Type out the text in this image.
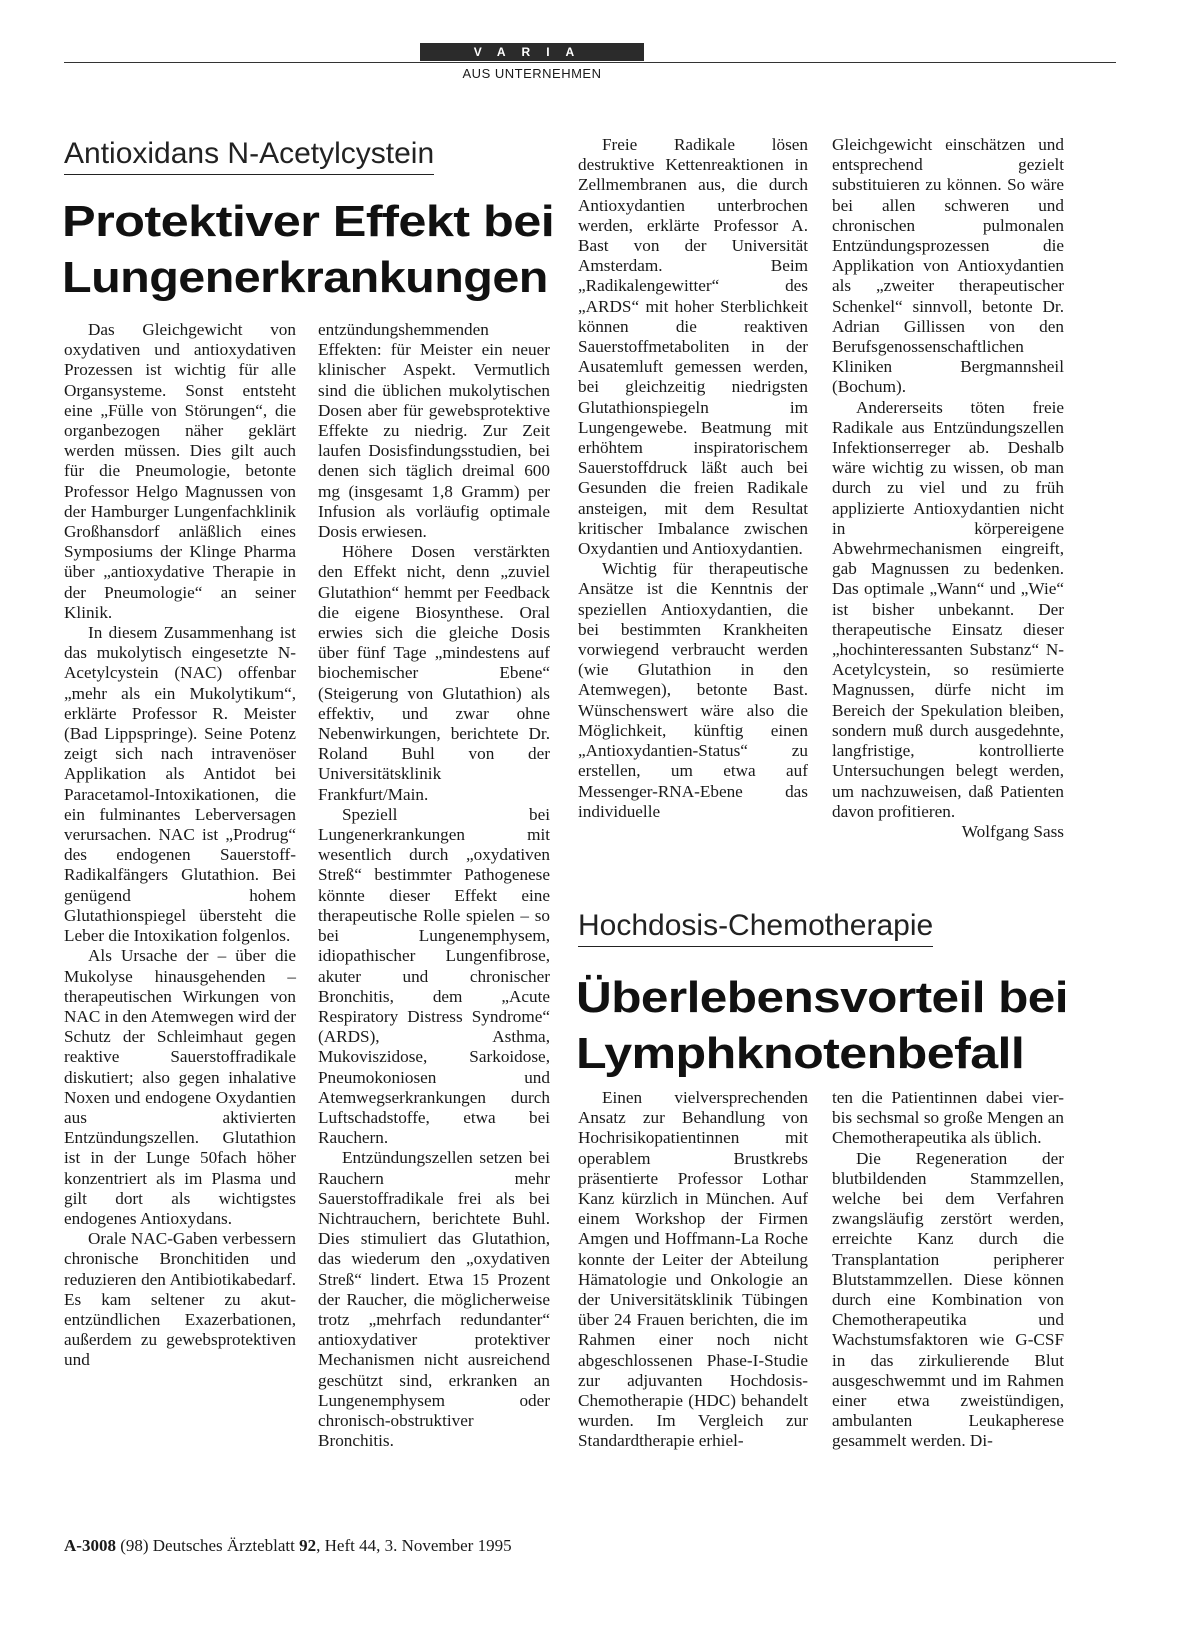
VARIA
AUS UNTERNEHMEN
Antioxidans N-Acetylcystein
Protektiver Effekt bei
Lungenerkrankungen

Das Gleichgewicht von oxydativen und antioxydativen Prozessen ist wichtig für alle Organsysteme. Sonst entsteht eine „Fülle von Störungen“, die organbezogen näher geklärt werden müssen. Dies gilt auch für die Pneumologie, betonte Professor Helgo Magnussen von der Hamburger Lungenfachklinik Großhansdorf anläßlich eines Symposiums der Klinge Pharma über „antioxydative Therapie in der Pneumologie“ an seiner Klinik.

In diesem Zusammenhang ist das mukolytisch eingesetzte N-Acetylcystein (NAC) offenbar „mehr als ein Mukolytikum“, erklärte Professor R. Meister (Bad Lippspringe). Seine Potenz zeigt sich nach intravenöser Applikation als Antidot bei Paracetamol-Intoxikationen, die ein fulminantes Leberversagen verursachen. NAC ist „Prodrug“ des endogenen Sauerstoff-Radikalfängers Glutathion. Bei genügend hohem Glutathionspiegel übersteht die Leber die Intoxikation folgenlos.

Als Ursache der – über die Mukolyse hinausgehenden – therapeutischen Wirkungen von NAC in den Atemwegen wird der Schutz der Schleimhaut gegen reaktive Sauerstoffradikale diskutiert; also gegen inhalative Noxen und endogene Oxydantien aus aktivierten Entzündungszellen. Glutathion ist in der Lunge 50fach höher konzentriert als im Plasma und gilt dort als wichtigstes endogenes Antioxydans.

Orale NAC-Gaben verbessern chronische Bronchitiden und reduzieren den Antibiotikabedarf. Es kam seltener zu akut-entzündlichen Exazerbationen, außerdem zu gewebsprotektiven und

entzündungshemmenden Effekten: für Meister ein neuer klinischer Aspekt. Vermutlich sind die üblichen mukolytischen Dosen aber für gewebsprotektive Effekte zu niedrig. Zur Zeit laufen Dosisfindungsstudien, bei denen sich täglich dreimal 600 mg (insgesamt 1,8 Gramm) per Infusion als vorläufig optimale Dosis erwiesen.

Höhere Dosen verstärkten den Effekt nicht, denn „zuviel Glutathion“ hemmt per Feedback die eigene Biosynthese. Oral erwies sich die gleiche Dosis über fünf Tage „mindestens auf biochemischer Ebene“ (Steigerung von Glutathion) als effektiv, und zwar ohne Nebenwirkungen, berichtete Dr. Roland Buhl von der Universitätsklinik Frankfurt/Main.

Speziell bei Lungenerkrankungen mit wesentlich durch „oxydativen Streß“ bestimmter Pathogenese könnte dieser Effekt eine therapeutische Rolle spielen – so bei Lungenemphysem, idiopathischer Lungenfibrose, akuter und chronischer Bronchitis, dem „Acute Respiratory Distress Syndrome“ (ARDS), Asthma, Mukoviszidose, Sarkoidose, Pneumokoniosen und Atemwegserkrankungen durch Luftschadstoffe, etwa bei Rauchern.

Entzündungszellen setzen bei Rauchern mehr Sauerstoffradikale frei als bei Nichtrauchern, berichtete Buhl. Dies stimuliert das Glutathion, das wiederum den „oxydativen Streß“ lindert. Etwa 15 Prozent der Raucher, die möglicherweise trotz „mehrfach redundanter“ antioxydativer protektiver Mechanismen nicht ausreichend geschützt sind, erkranken an Lungenemphysem oder chronisch-obstruktiver Bronchitis.

Freie Radikale lösen destruktive Kettenreaktionen in Zellmembranen aus, die durch Antioxydantien unterbrochen werden, erklärte Professor A. Bast von der Universität Amsterdam. Beim „Radikalengewitter“ des „ARDS“ mit hoher Sterblichkeit können die reaktiven Sauerstoffmetaboliten in der Ausatemluft gemessen werden, bei gleichzeitig niedrigsten Glutathionspiegeln im Lungengewebe. Beatmung mit erhöhtem inspiratorischem Sauerstoffdruck läßt auch bei Gesunden die freien Radikale ansteigen, mit dem Resultat kritischer Imbalance zwischen Oxydantien und Antioxydantien.

Wichtig für therapeutische Ansätze ist die Kenntnis der speziellen Antioxydantien, die bei bestimmten Krankheiten vorwiegend verbraucht werden (wie Glutathion in den Atemwegen), betonte Bast. Wünschenswert wäre also die Möglichkeit, künftig einen „Antioxydantien-Status“ zu erstellen, um etwa auf Messenger-RNA-Ebene das individuelle

Gleichgewicht einschätzen und entsprechend gezielt substituieren zu können. So wäre bei allen schweren und chronischen pulmonalen Entzündungsprozessen die Applikation von Antioxydantien als „zweiter therapeutischer Schenkel“ sinnvoll, betonte Dr. Adrian Gillissen von den Berufsgenossenschaftlichen Kliniken Bergmannsheil (Bochum).

Andererseits töten freie Radikale aus Entzündungszellen Infektionserreger ab. Deshalb wäre wichtig zu wissen, ob man durch zu viel und zu früh applizierte Antioxydantien nicht in körpereigene Abwehrmechanismen eingreift, gab Magnussen zu bedenken. Das optimale „Wann“ und „Wie“ ist bisher unbekannt. Der therapeutische Einsatz dieser „hochinteressanten Substanz“ N-Acetylcystein, so resümierte Magnussen, dürfe nicht im Bereich der Spekulation bleiben, sondern muß durch ausgedehnte, langfristige, kontrollierte Untersuchungen belegt werden, um nachzuweisen, daß Patienten davon profitieren.
Wolfgang Sass

Hochdosis-Chemotherapie
Überlebensvorteil bei
Lymphknotenbefall

Einen vielversprechenden Ansatz zur Behandlung von Hochrisikopatientinnen mit operablem Brustkrebs präsentierte Professor Lothar Kanz kürzlich in München. Auf einem Workshop der Firmen Amgen und Hoffmann-La Roche konnte der Leiter der Abteilung Hämatologie und Onkologie an der Universitätsklinik Tübingen über 24 Frauen berichten, die im Rahmen einer noch nicht abgeschlossenen Phase-I-Studie zur adjuvanten Hochdosis-Chemotherapie (HDC) behandelt wurden. Im Vergleich zur Standardtherapie erhiel-

ten die Patientinnen dabei vier- bis sechsmal so große Mengen an Chemotherapeutika als üblich.

Die Regeneration der blutbildenden Stammzellen, welche bei dem Verfahren zwangsläufig zerstört werden, erreichte Kanz durch die Transplantation peripherer Blutstammzellen. Diese können durch eine Kombination von Chemotherapeutika und Wachstumsfaktoren wie G-CSF in das zirkulierende Blut ausgeschwemmt und im Rahmen einer etwa zweistündigen, ambulanten Leukapherese gesammelt werden. Di-

A-3008 (98) Deutsches Ärzteblatt 92, Heft 44, 3. November 1995
